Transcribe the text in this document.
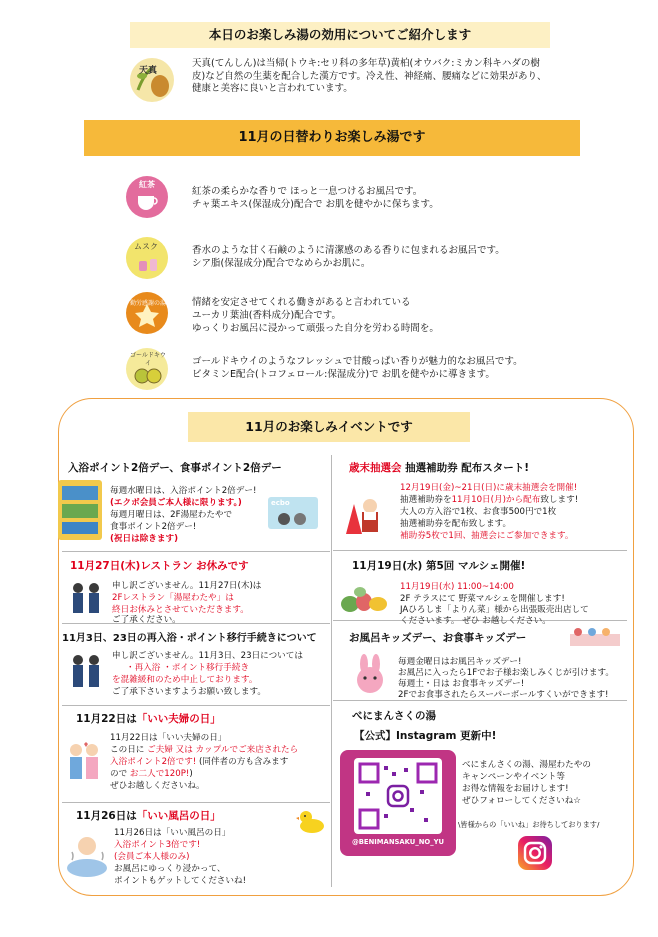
本日のお楽しみ湯の効用についてご紹介します
天真
天真(てんしん)は当帰(トウキ:セリ科の多年草)黄柏(オウバク:ミカン科キハダの樹皮)など自然の生薬を配合した漢方です。冷え性、神経痛、腰痛などに効果があり、健康と美容に良いと言われています。
11月の日替わりお楽しみ湯です
紅茶
紅茶の柔らかな香りで ほっと一息つけるお風呂です。
チャ葉エキス(保湿成分)配合で お肌を健やかに保ちます。
ムスク	香水のような甘く石鹸のように清潔感のある香りに包まれるお風呂です。
シア脂(保湿成分)配合でなめらかお肌に。
勤労感謝の湯	情緒を安定させてくれる働きがあると言われている
ユーカリ葉油(香料成分)配合です。
ゆっくりお風呂に浸かって頑張った自分を労わる時間を。
ゴールドキウイ	ゴールドキウイのようなフレッシュで甘酸っぱい香りが魅力的なお風呂です。
ビタミンE配合(トコフェロール:保湿成分)で お肌を健やかに導きます。
11月のお楽しみイベントです
入浴ポイント2倍デー、食事ポイント2倍デー
毎週水曜日は、入浴ポイント2倍デー!
(エクボ会員ご本人様に限ります。)
毎週月曜日は、2F湯屋わたやで
食事ポイント2倍デー!
(祝日は除きます)
ecbo
歳末抽選会 抽選補助券 配布スタート!
12月19日(金)~21日(日)に歳末抽選会を開催!
抽選補助券を11月10日(月)から配布致します!
大人の方入浴で1枚、お食事500円で1枚
抽選補助券を配布致します。
補助券5枚で1回、抽選会にご参加できます。
11月27日(木)レストラン お休みです
申し訳ございません。11月27日(木)は
2Fレストラン「湯屋わたや」は
終日お休みとさせていただきます。
ご了承ください。
11月19日(水) 第5回 マルシェ開催!
11月19日(水) 11:00~14:00
2F テラスにて 野菜マルシェを開催します!
JAひろしま「よりん菜」様から出張販売出店して
くださいます。 ぜひ お越しください。
11月3日、23日の再入浴・ポイント移行手続きについて
申し訳ございません。11月3日、23日については
・再入浴 ・ポイント移行手続き
を混雑緩和のため中止しております。
ご了承下さいますようお願い致します。
お風呂キッズデー、お食事キッズデー
毎週金曜日はお風呂キッズデー!
お風呂に入ったら1Fでお子様お楽しみくじが引けます。
毎週土・日は お食事キッズデー!
2Fでお食事されたらスーパーボールすくいができます!
11月22日は「いい夫婦の日」
11月22日は「いい夫婦の日」
この日に ご夫婦 又は カップルでご来店されたら
入浴ポイント2倍です! (同伴者の方も含みます
ので お二人で120P!)
ぜひお越しくださいね。
べにまんさくの湯
【公式】Instagram 更新中!
@BENIMANSAKU_NO_YU
べにまんさくの湯、湯屋わたやの
キャンペーンやイベント等
お得な情報をお届けします!
ぜひフォローしてくださいね☆
\皆様からの「いいね」お待ちしております/
11月26日は「いい風呂の日」
11月26日は「いい風呂の日」
入浴ポイント3倍です!
(会員ご本人様のみ)
お風呂にゆっくり浸かって、
ポイントもゲットしてくださいね!
